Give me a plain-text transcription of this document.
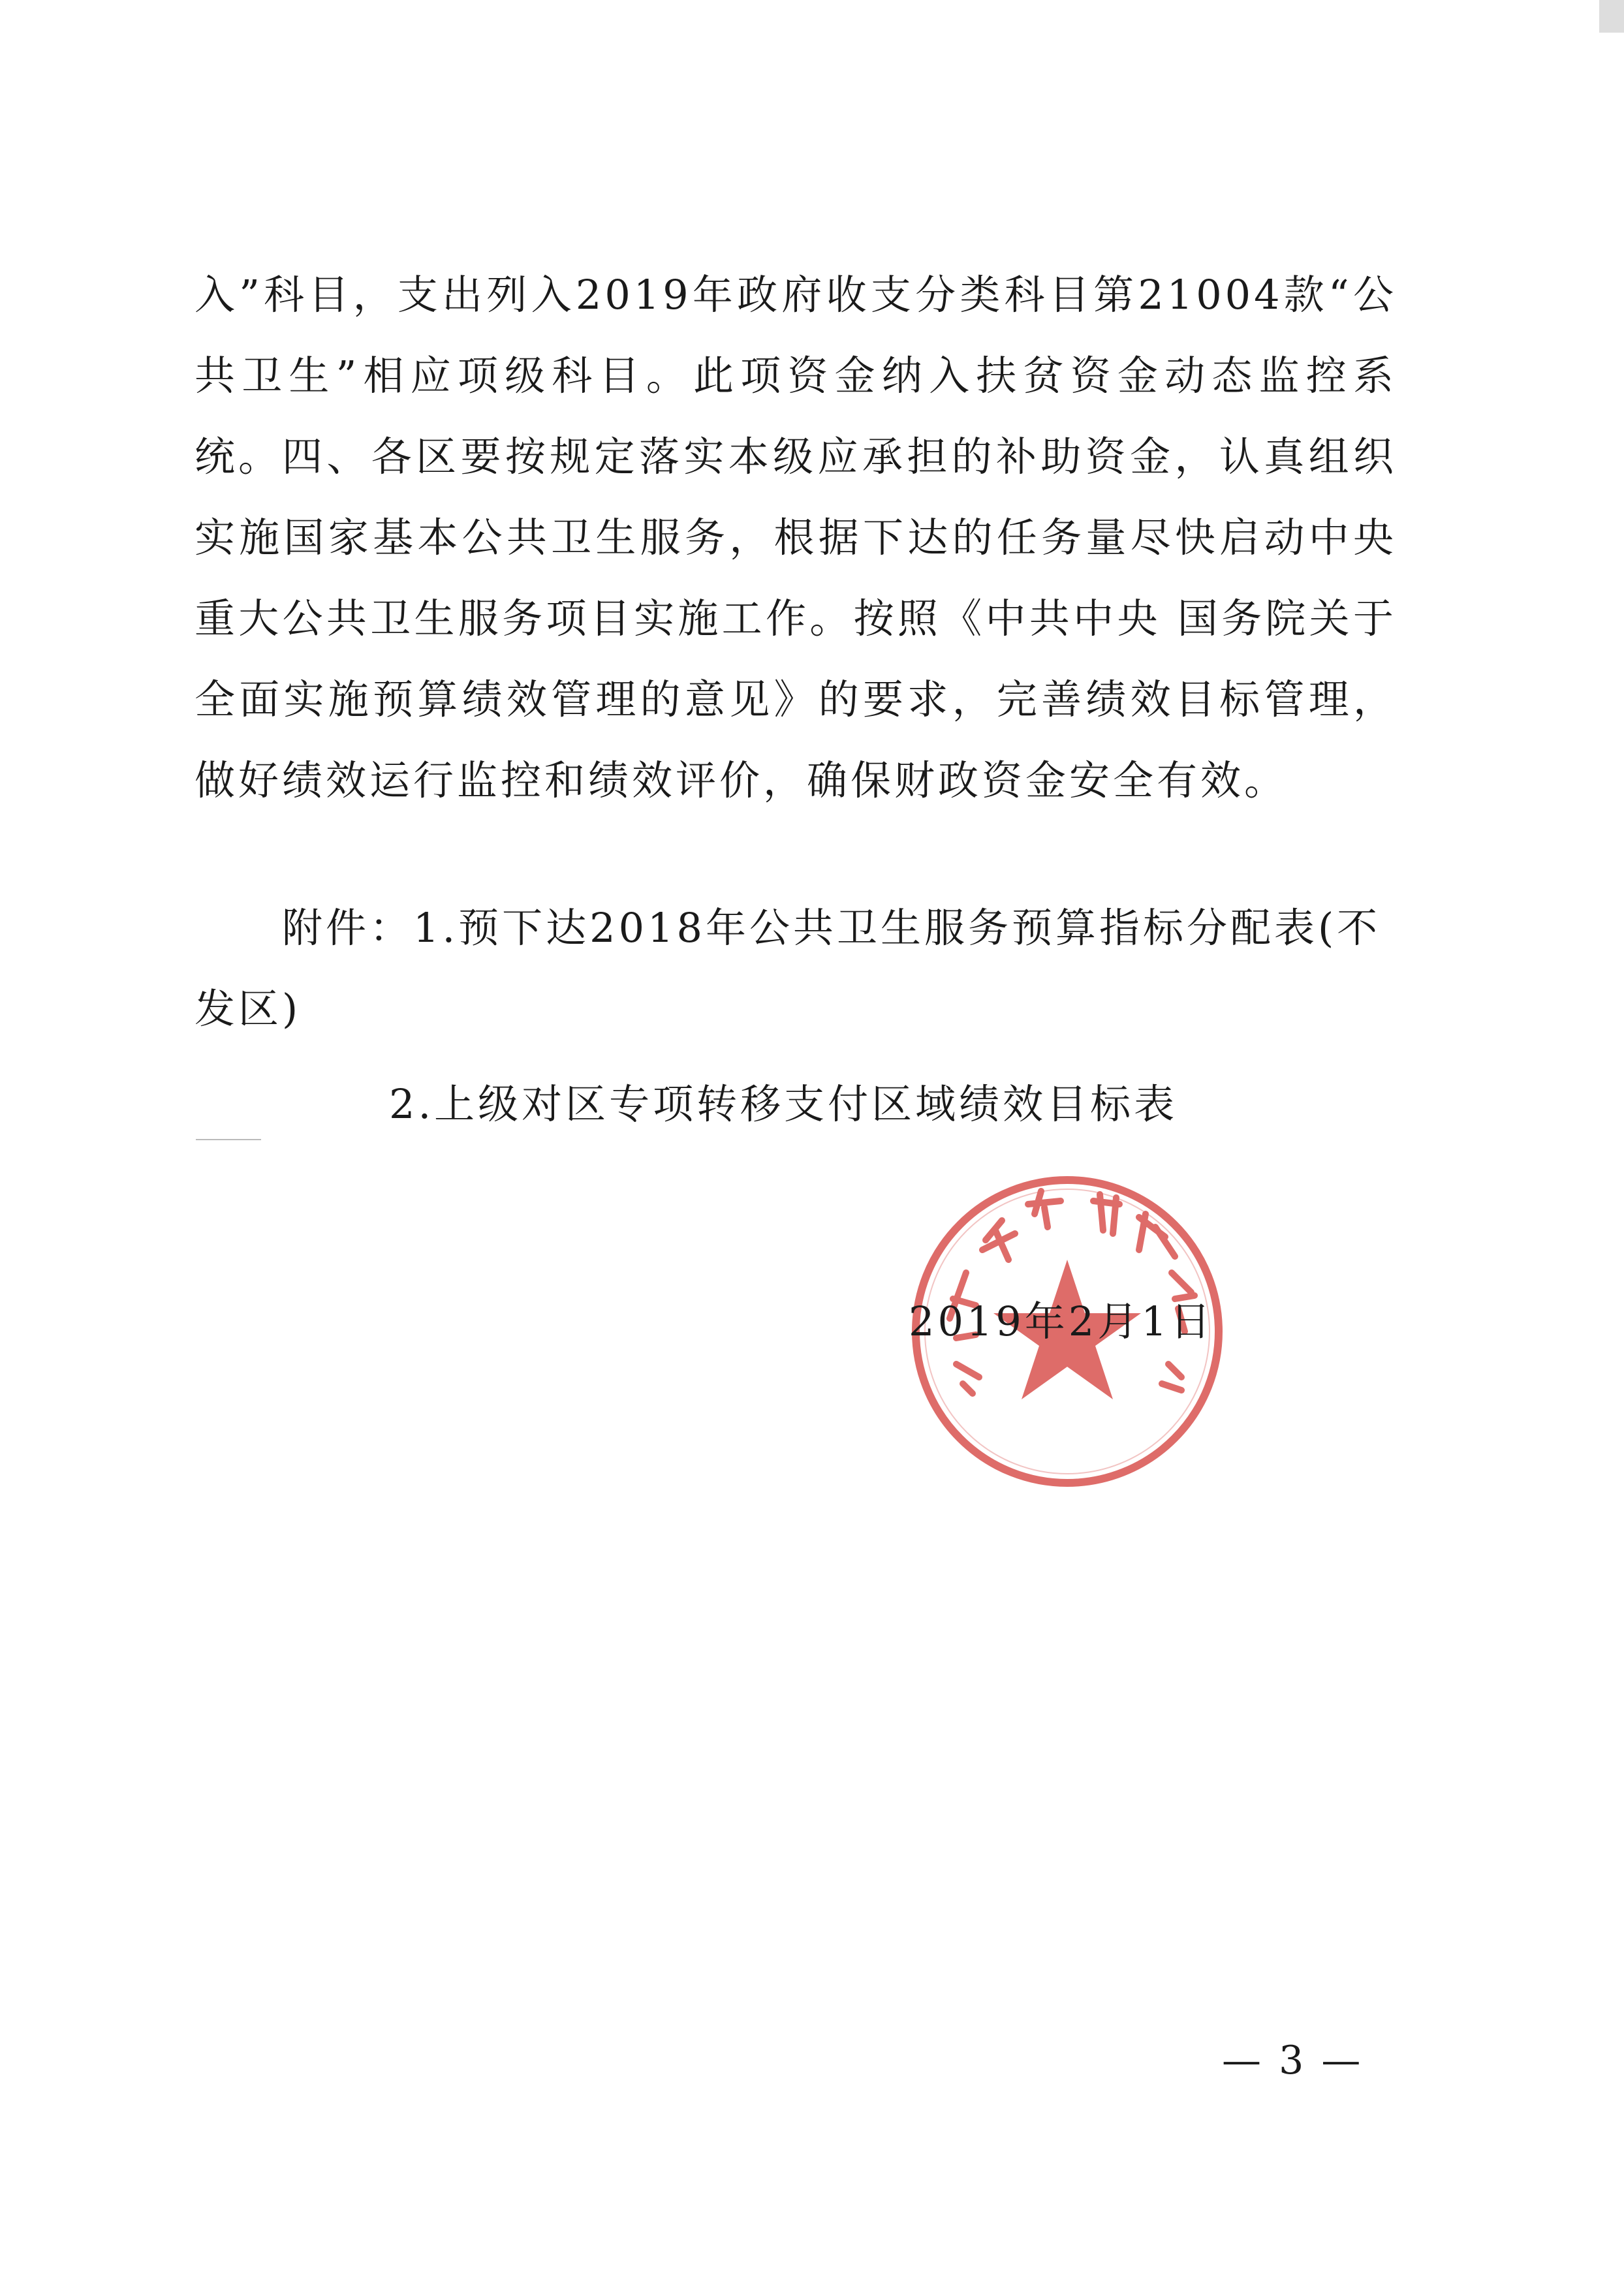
入”科目，支出列入2019年政府收支分类科目第21004款“公共卫生”相应项级科目。此项资金纳入扶贫资金动态监控系统。 四、各区要按规定落实本级应承担的补助资金，认真组织实施国家基本公共卫生服务，根据下达的任务量尽快启动中央重大公共卫生服务项目实施工作。按照《中共中央 国务院关于全面实施预算绩效管理的意见》的要求，完善绩效目标管理，做好绩效运行监控和绩效评价，确保财政资金安全有效。

附件：1.预下达2018年公共卫生服务预算指标分配表(不发区)

2.上级对区专项转移支付区域绩效目标表

2019年2月1日
— 3 —
